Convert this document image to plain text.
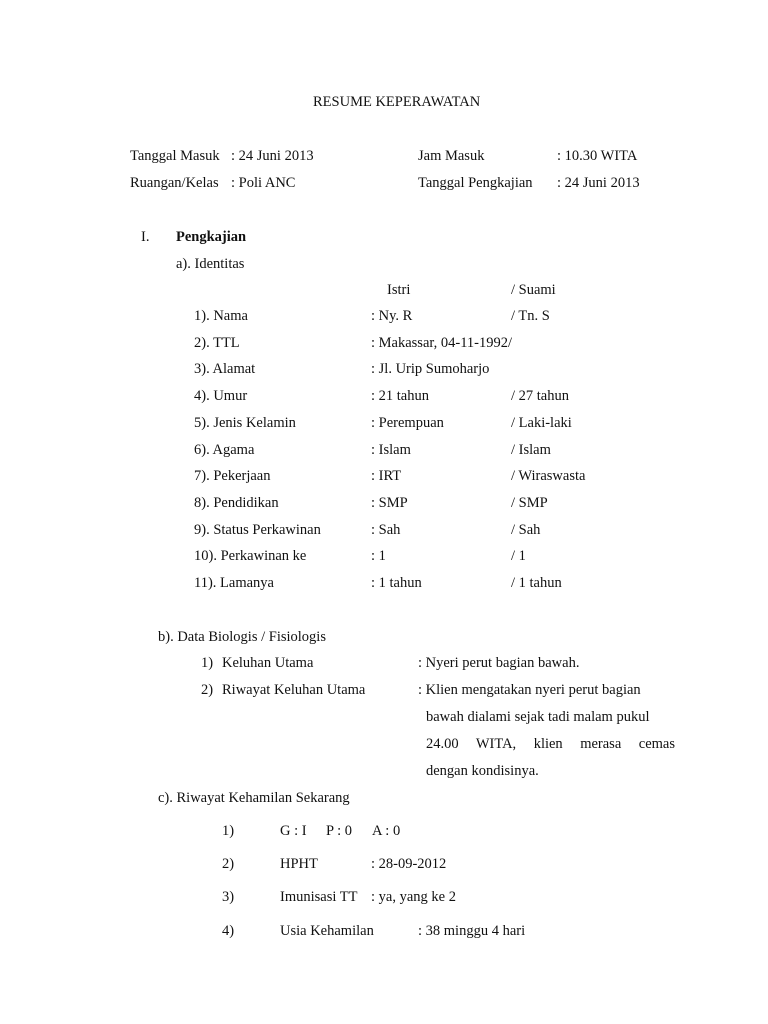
RESUME KEPERAWATAN
Tanggal Masuk : 24 Juni 2013	Jam Masuk	: 10.30 WITA
Ruangan/Kelas : Poli ANC	Tanggal Pengkajian : 24 Juni 2013
I. Pengkajian
a). Identitas
Istri	/ Suami
1). Nama	: Ny. R	/ Tn. S
2). TTL	: Makassar, 04-11-1992/
3). Alamat	: Jl. Urip Sumoharjo
4). Umur	: 21 tahun	/ 27 tahun
5). Jenis Kelamin	: Perempuan	/ Laki-laki
6). Agama	: Islam	/ Islam
7). Pekerjaan	: IRT	/ Wiraswasta
8). Pendidikan	: SMP	/ SMP
9). Status Perkawinan	: Sah	/ Sah
10). Perkawinan ke	: 1	/ 1
11). Lamanya	: 1 tahun	/ 1 tahun
b). Data Biologis / Fisiologis
1) Keluhan Utama	: Nyeri perut bagian bawah.
2) Riwayat Keluhan Utama	: Klien mengatakan nyeri perut bagian
bawah dialami sejak tadi malam pukul
24.00 WITA, klien merasa cemas
dengan kondisinya.
c). Riwayat Kehamilan Sekarang
1)	G : I P : 0 A : 0
2)	HPHT	: 28-09-2012
3)	Imunisasi TT : ya, yang ke 2
4)	Usia Kehamilan	: 38 minggu 4 hari
